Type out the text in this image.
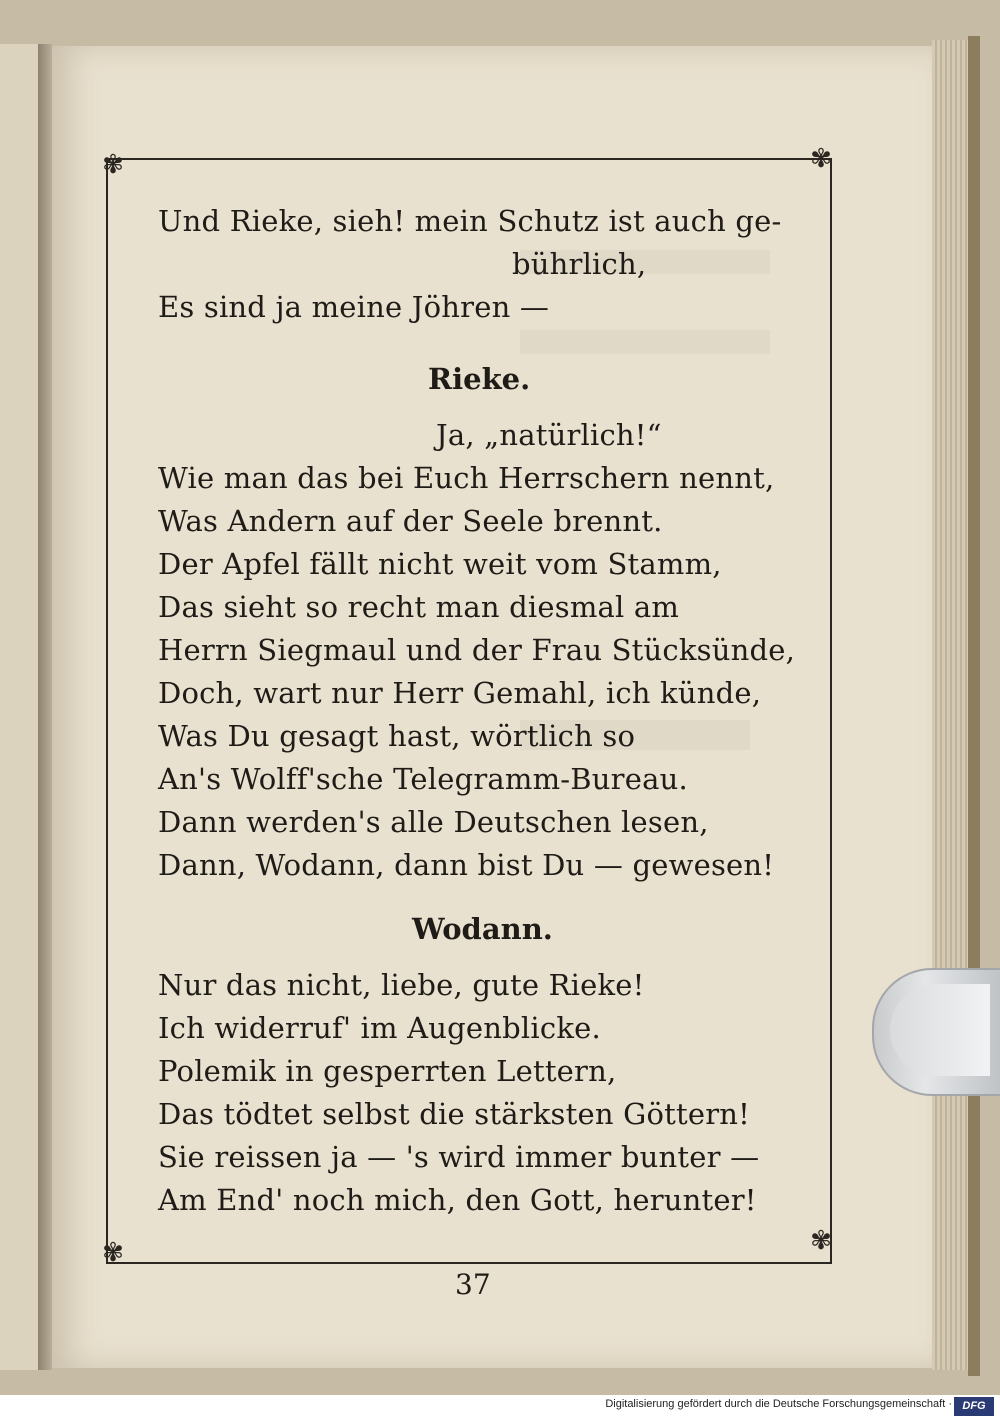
✾	✾
✾	✾
Und Rieke, sieh! mein Schutz ist auch ge-
bührlich,
Es sind ja meine Jöhren —
Rieke.
Ja, „natürlich!“
Wie man das bei Euch Herrschern nennt,
Was Andern auf der Seele brennt.
Der Apfel fällt nicht weit vom Stamm,
Das sieht so recht man diesmal am
Herrn Siegmaul und der Frau Stücksünde,
Doch, wart nur Herr Gemahl, ich künde,
Was Du gesagt hast, wörtlich so
An's Wolff'sche Telegramm-Bureau.
Dann werden's alle Deutschen lesen,
Dann, Wodann, dann bist Du — gewesen!
Wodann.
Nur das nicht, liebe, gute Rieke!
Ich widerruf' im Augenblicke.
Polemik in gesperrten Lettern,
Das tödtet selbst die stärksten Göttern!
Sie reissen ja — 's wird immer bunter —
Am End' noch mich, den Gott, herunter!
37
Digitalisierung gefördert durch die Deutsche Forschungsgemeinschaft · DFG
